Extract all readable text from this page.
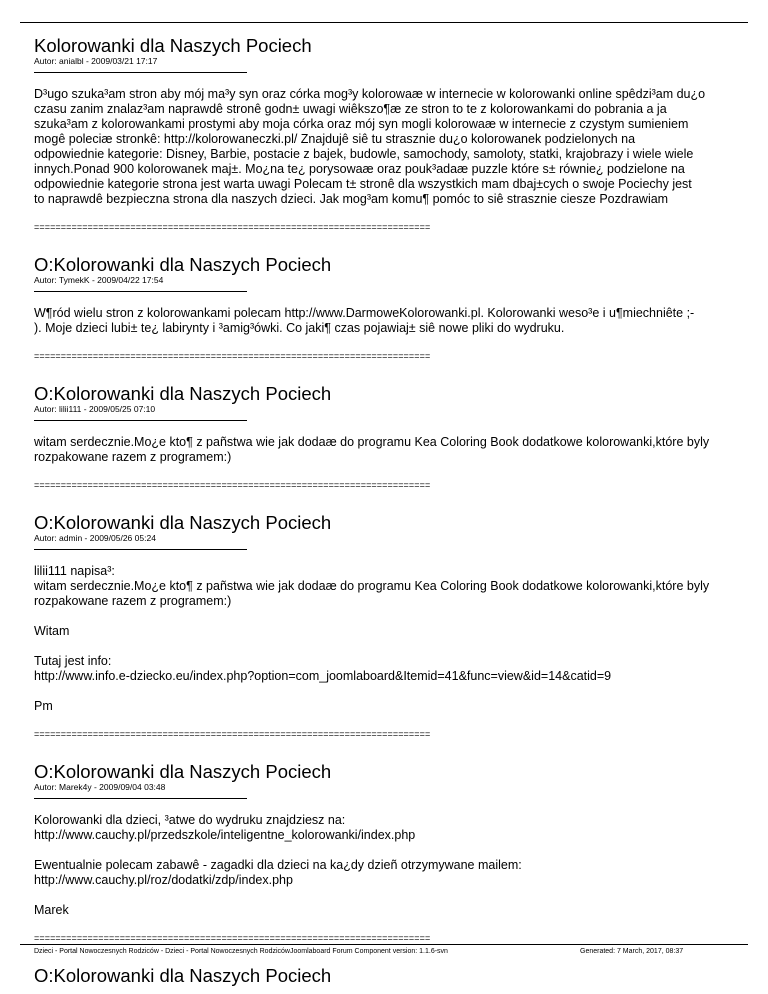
Kolorowanki dla Naszych Pociech
Autor: anialbl - 2009/03/21 17:17
D³ugo szuka³am stron aby mój ma³y syn oraz córka mog³y kolorowaæ w internecie w kolorowanki online spêdzi³am du¿o
czasu zanim znalaz³am naprawdê stronê godn± uwagi wiêkszo¶æ ze stron to te z kolorowankami do pobrania a ja
szuka³am z kolorowankami prostymi aby moja córka oraz mój syn mogli kolorowaæ w internecie z czystym sumieniem
mogê poleciæ stronkê: http://kolorowaneczki.pl/ Znajdujê siê tu strasznie du¿o kolorowanek podzielonych na
odpowiednie kategorie: Disney, Barbie, postacie z bajek, budowle, samochody, samoloty, statki, krajobrazy i wiele wiele
innych.Ponad 900 kolorowanek maj±. Mo¿na te¿ porysowaæ oraz pouk³adaæ puzzle które s± równie¿ podzielone na
odpowiednie kategorie strona jest warta uwagi Polecam t± stronê dla wszystkich mam dbaj±cych o swoje Pociechy jest
to naprawdê bezpieczna strona dla naszych dzieci. Jak mog³am komu¶ pomóc to siê strasznie ciesze Pozdrawiam
==========================================================================
O:Kolorowanki dla Naszych Pociech
Autor: TymekK - 2009/04/22 17:54
W¶ród wielu stron z kolorowankami polecam http://www.DarmoweKolorowanki.pl. Kolorowanki weso³e i u¶miechniête ;-
). Moje dzieci lubi± te¿ labirynty i ³amig³ówki. Co jaki¶ czas pojawiaj± siê nowe pliki do wydruku.
==========================================================================
O:Kolorowanki dla Naszych Pociech
Autor: lilii111 - 2009/05/25 07:10
witam serdecznie.Mo¿e kto¶ z pañstwa wie jak dodaæ do programu Kea Coloring Book dodatkowe kolorowanki,które byly
rozpakowane razem z programem:)
==========================================================================
O:Kolorowanki dla Naszych Pociech
Autor: admin - 2009/05/26 05:24
lilii111 napisa³:
witam serdecznie.Mo¿e kto¶ z pañstwa wie jak dodaæ do programu Kea Coloring Book dodatkowe kolorowanki,które byly
rozpakowane razem z programem:)
Witam
Tutaj jest info:
http://www.info.e-dziecko.eu/index.php?option=com_joomlaboard&Itemid=41&func=view&id=14&catid=9
Pm
==========================================================================
O:Kolorowanki dla Naszych Pociech
Autor: Marek4y - 2009/09/04 03:48
Kolorowanki dla dzieci, ³atwe do wydruku znajdziesz na:
http://www.cauchy.pl/przedszkole/inteligentne_kolorowanki/index.php
Ewentualnie polecam zabawê - zagadki dla dzieci na ka¿dy dzieñ otrzymywane mailem:
http://www.cauchy.pl/roz/dodatki/zdp/index.php
Marek
==========================================================================
O:Kolorowanki dla Naszych Pociech
Dzieci - Portal Nowoczesnych Rodziców - Dzieci - Portal Nowoczesnych RodzicówJoomlaboard Forum Component version: 1.1.6-svn	Generated: 7 March, 2017, 08:37
